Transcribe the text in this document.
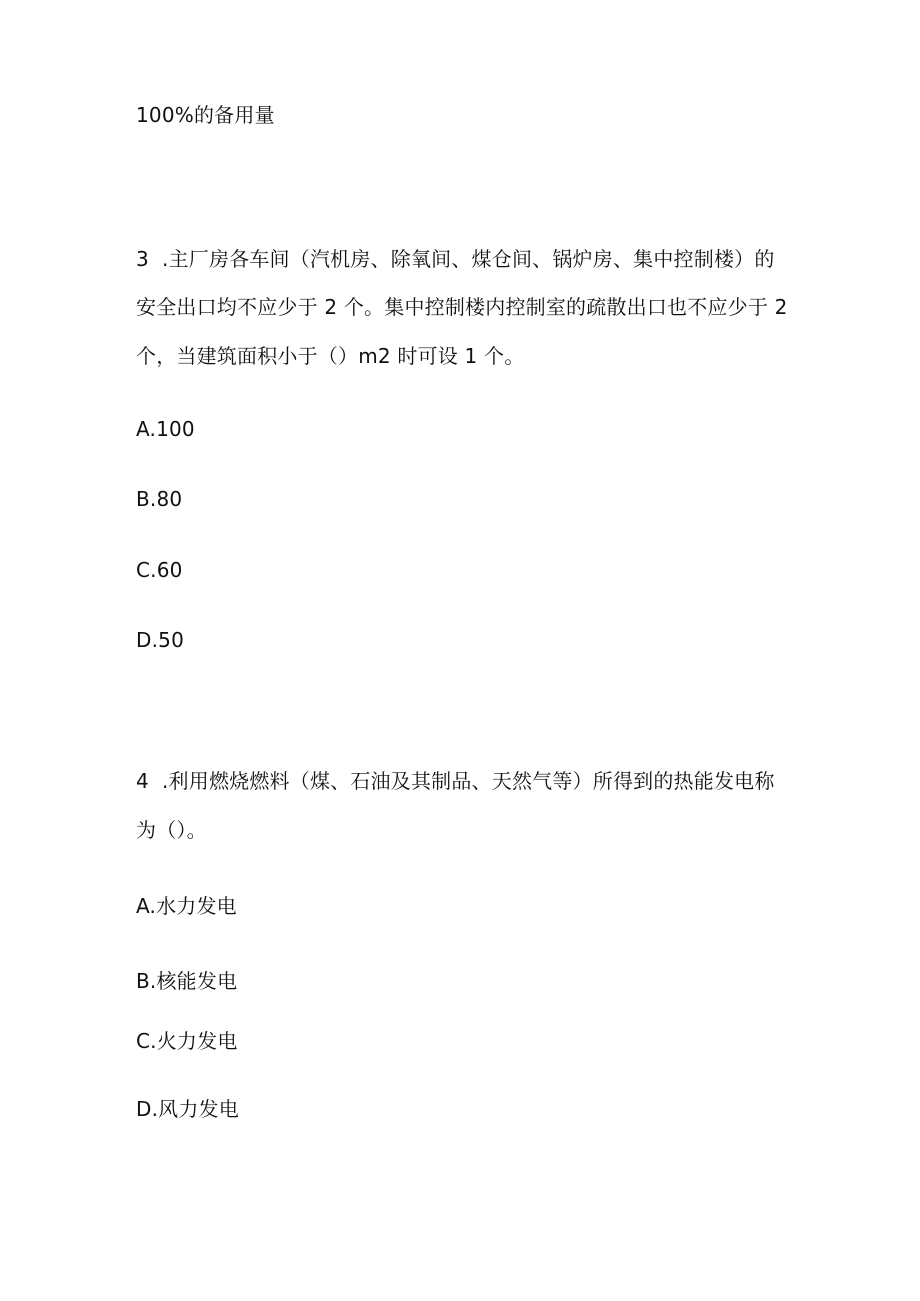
100%的备用量
3 .主厂房各车间（汽机房、除氧间、煤仓间、锅炉房、集中控制楼）的
安全出口均不应少于 2 个。集中控制楼内控制室的疏散出口也不应少于 2
个，当建筑面积小于（）m2 时可设 1 个。
A.100
B.80
C.60
D.50
4 .利用燃烧燃料（煤、石油及其制品、天然气等）所得到的热能发电称
为（）。
A.水力发电
B.核能发电
C.火力发电
D.风力发电
